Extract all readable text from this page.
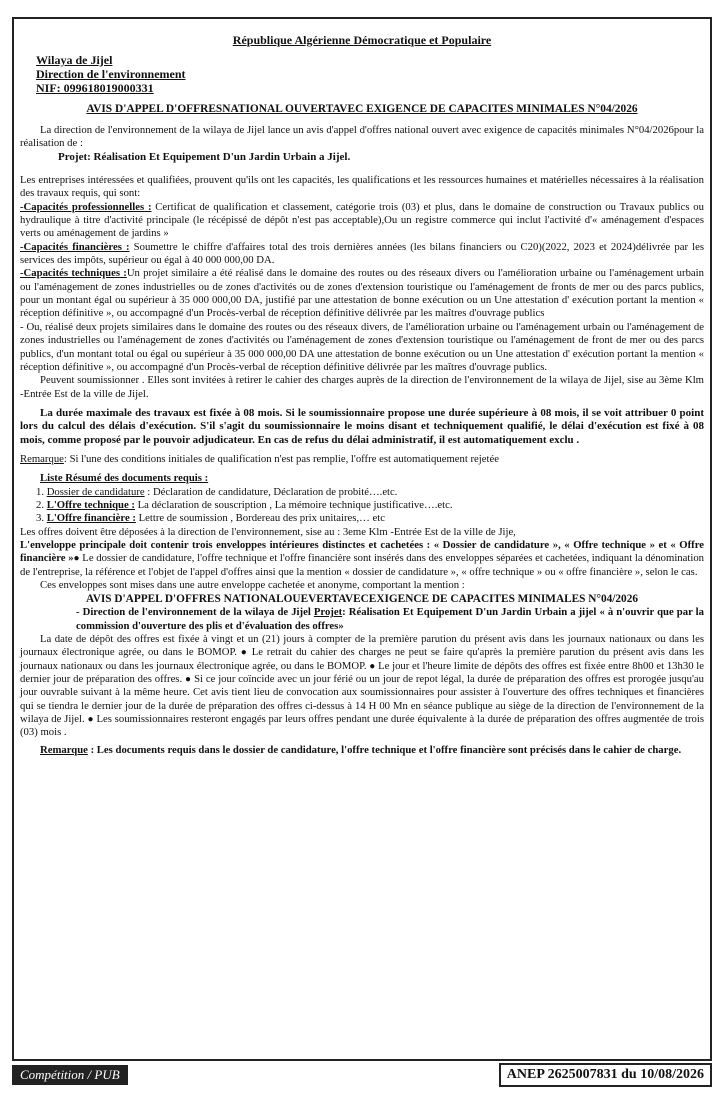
République Algérienne Démocratique et Populaire
Wilaya de Jijel
Direction de l'environnement
NIF: 099618019000331
AVIS D'APPEL D'OFFRESNATIONAL OUVERTAVEC EXIGENCE DE CAPACITES MINIMALES N°04/2026

La direction de l'environnement de la wilaya de Jijel lance un avis d'appel d'offres national ouvert avec exigence de capacités minimales N°04/2026pour la réalisation de :

Projet: Réalisation Et Equipement D'un Jardin Urbain a Jijel.

Les entreprises intéressées et qualifiées, prouvent qu'ils ont les capacités, les qualifications et les ressources humaines et matérielles nécessaires à la réalisation des travaux requis, qui sont:

-Capacités professionnelles : Certificat de qualification et classement, catégorie trois (03) et plus, dans le domaine de construction ou Travaux publics ou hydraulique à titre d'activité principale (le récépissé de dépôt n'est pas acceptable),Ou un registre commerce qui inclut l'activité d'« aménagement d'espaces verts ou aménagement de jardins »

-Capacités financières : Soumettre le chiffre d'affaires total des trois dernières années (les bilans financiers ou C20)(2022, 2023 et 2024)délivrée par les services des impôts, supérieur ou égal à 40 000 000,00 DA.

-Capacités techniques :Un projet similaire a été réalisé dans le domaine des routes ou des réseaux divers ou l'amélioration urbaine ou l'aménagement urbain ou l'aménagement de zones industrielles ou de zones d'activités ou de zones d'extension touristique ou l'aménagement de fronts de mer ou des parcs publics, pour un montant égal ou supérieur à 35 000 000,00 DA, justifié par une attestation de bonne exécution ou un Une attestation d' exécution portant la mention « réception définitive », ou accompagné d'un Procès-verbal de réception définitive délivrée par les maîtres d'ouvrage publics

- Ou, réalisé deux projets similaires dans le domaine des routes ou des réseaux divers, de l'amélioration urbaine ou l'aménagement urbain ou l'aménagement de zones industrielles ou l'aménagement de zones d'activités ou l'aménagement de zones d'extension touristique ou l'aménagement de front de mer ou des parcs publics, d'un montant total ou égal ou supérieur à 35 000 000,00 DA une attestation de bonne exécution ou un Une attestation d' exécution portant la mention « réception définitive », ou accompagné d'un Procès-verbal de réception définitive délivrée par les maîtres d'ouvrage publics.

Peuvent soumissionner . Elles sont invitées à retirer le cahier des charges auprès de la direction de l'environnement de la wilaya de Jijel, sise au 3ème Klm -Entrée Est de la ville de Jijel.

La durée maximale des travaux est fixée à 08 mois. Si le soumissionnaire propose une durée supérieure à 08 mois, il se voit attribuer 0 point lors du calcul des délais d'exécution. S'il s'agit du soumissionnaire le moins disant et techniquement qualifié, le délai d'exécution est fixé à 08 mois, comme proposé par le pouvoir adjudicateur. En cas de refus du délai administratif, il est automatiquement exclu .

Remarque: Si l'une des conditions initiales de qualification n'est pas remplie, l'offre est automatiquement rejetée

Liste Résumé des documents requis :

1. Dossier de candidature : Déclaration de candidature, Déclaration de probité….etc.
2. L'Offre technique : La déclaration de souscription , La mémoire technique justificative….etc.
3. L'Offre financière : Lettre de soumission , Bordereau des prix unitaires,… etc

Les offres doivent être déposées à la direction de l'environnement, sise au : 3eme Klm -Entrée Est de la ville de Jije,

L'enveloppe principale doit contenir trois enveloppes intérieures distinctes et cachetées : « Dossier de candidature », « Offre technique » et « Offre financière »● Le dossier de candidature, l'offre technique et l'offre financière sont insérés dans des enveloppes séparées et cachetées, indiquant la dénomination de l'entreprise, la référence et l'objet de l'appel d'offres ainsi que la mention « dossier de candidature », « offre technique » ou « offre financière », selon le cas.

Ces enveloppes sont mises dans une autre enveloppe cachetée et anonyme, comportant la mention :

AVIS D'APPEL D'OFFRES NATIONALOUEVERTAVECEXIGENCE DE CAPACITES MINIMALES N°04/2026

- Direction de l'environnement de la wilaya de Jijel Projet: Réalisation Et Equipement D'un Jardin Urbain a jijel « à n'ouvrir que par la commission d'ouverture des plis et d'évaluation des offres»

La date de dépôt des offres est fixée à vingt et un (21) jours à compter de la première parution du présent avis dans les journaux nationaux ou dans les journaux électronique agrée, ou dans le BOMOP. ● Le retrait du cahier des charges ne peut se faire qu'après la première parution du présent avis dans les journaux nationaux ou dans les journaux électronique agrée, ou dans le BOMOP. ● Le jour et l'heure limite de dépôts des offres est fixée entre 8h00 et 13h30 le dernier jour de préparation des offres. ● Si ce jour coïncide avec un jour férié ou un jour de repot légal, la durée de préparation des offres est prorogée jusqu'au jour ouvrable suivant à la même heure. Cet avis tient lieu de convocation aux soumissionnaires pour assister à l'ouverture des offres techniques et financières qui se tiendra le dernier jour de la durée de préparation des offres ci-dessus à 14 H 00 Mn en séance publique au siège de la direction de l'environnement de la wilaya de Jijel. ● Les soumissionnaires resteront engagés par leurs offres pendant une durée équivalente à la durée de préparation des offres augmentée de trois (03) mois .

Remarque : Les documents requis dans le dossier de candidature, l'offre technique et l'offre financière sont précisés dans le cahier de charge.

Compétition / PUB	ANEP 2625007831 du 10/08/2026
